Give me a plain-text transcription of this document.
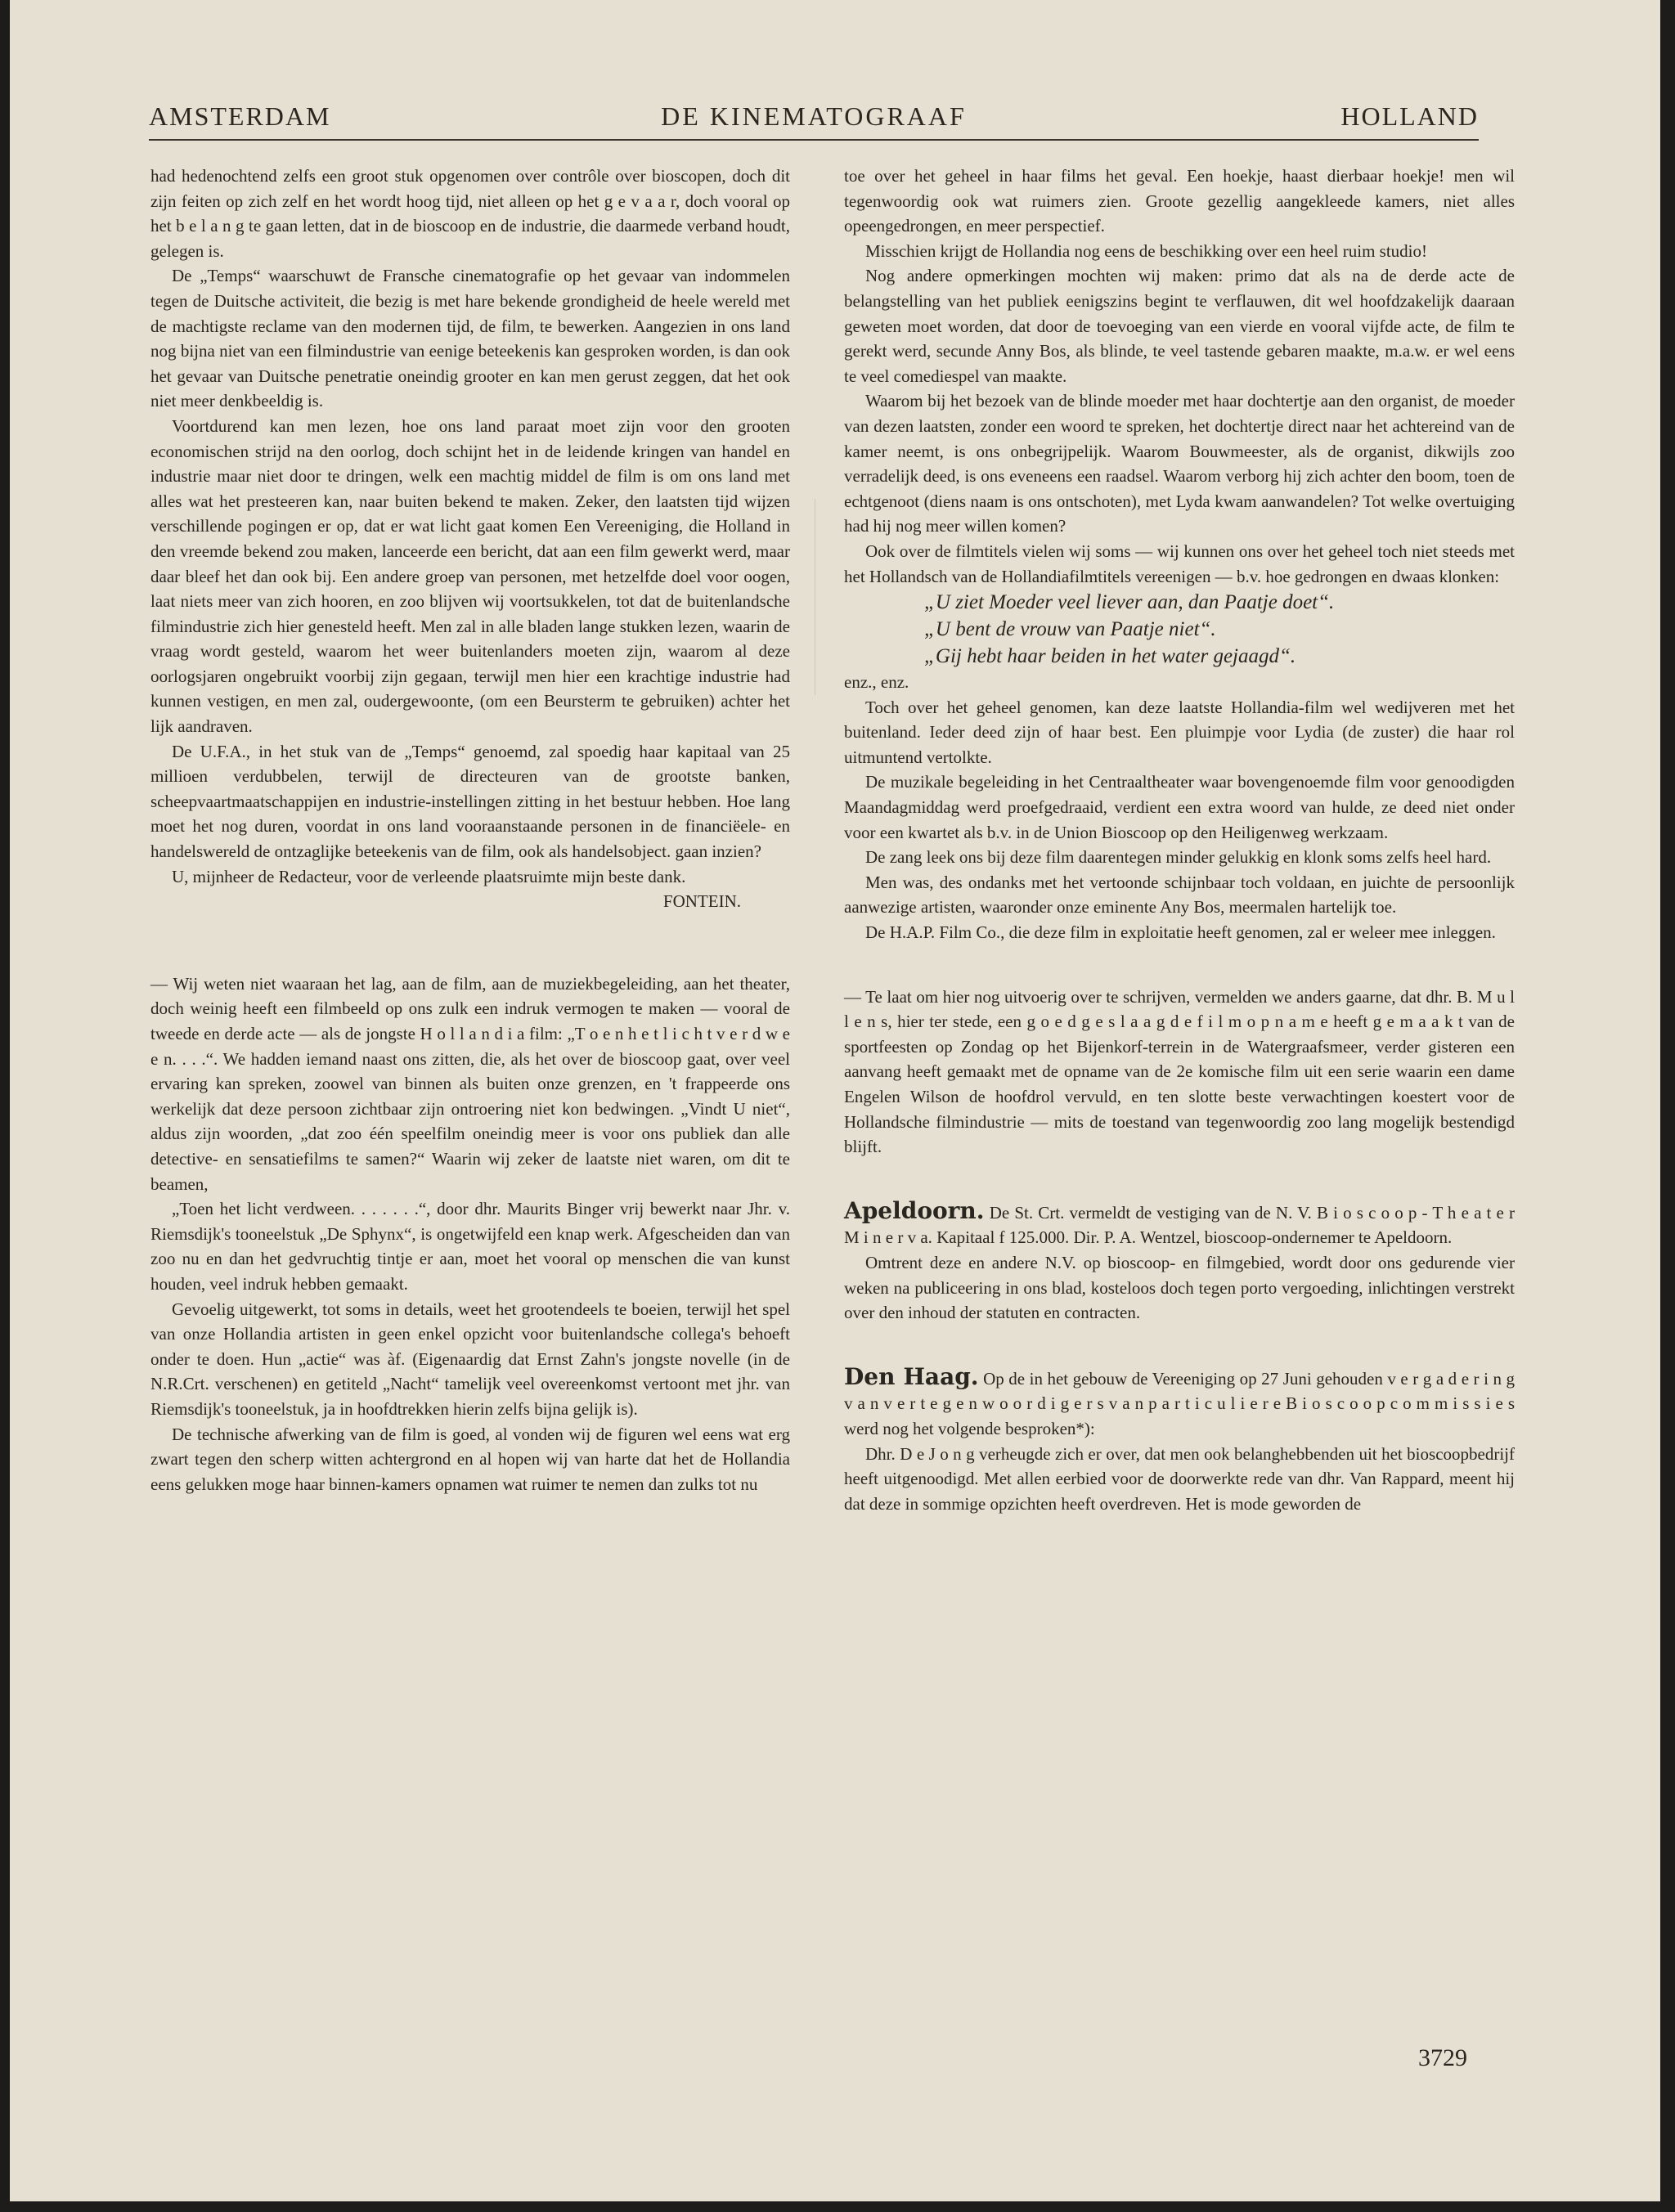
AMSTERDAM	DE KINEMATOGRAAF	HOLLAND

had hedenochtend zelfs een groot stuk opgenomen over contrôle over bioscopen, doch dit zijn feiten op zich zelf en het wordt hoog tijd, niet alleen op het g e v a a r, doch vooral op het b e l a n g te gaan letten, dat in de bioscoop en de industrie, die daarmede verband houdt, gelegen is.

De „Temps“ waarschuwt de Fransche cinematografie op het gevaar van indommelen tegen de Duitsche activiteit, die bezig is met hare bekende grondigheid de heele wereld met de machtigste reclame van den modernen tijd, de film, te bewerken. Aangezien in ons land nog bijna niet van een filmindustrie van eenige beteekenis kan gesproken worden, is dan ook het gevaar van Duitsche penetratie oneindig grooter en kan men gerust zeggen, dat het ook niet meer denkbeeldig is.

Voortdurend kan men lezen, hoe ons land paraat moet zijn voor den grooten economischen strijd na den oorlog, doch schijnt het in de leidende kringen van handel en industrie maar niet door te dringen, welk een machtig middel de film is om ons land met alles wat het presteeren kan, naar buiten bekend te maken. Zeker, den laatsten tijd wijzen verschillende pogingen er op, dat er wat licht gaat komen Een Vereeniging, die Holland in den vreemde bekend zou maken, lanceerde een bericht, dat aan een film gewerkt werd, maar daar bleef het dan ook bij. Een andere groep van personen, met hetzelfde doel voor oogen, laat niets meer van zich hooren, en zoo blijven wij voortsukkelen, tot dat de buitenlandsche filmindustrie zich hier genesteld heeft. Men zal in alle bladen lange stukken lezen, waarin de vraag wordt gesteld, waarom het weer buitenlanders moeten zijn, waarom al deze oorlogsjaren ongebruikt voorbij zijn gegaan, terwijl men hier een krachtige industrie had kunnen vestigen, en men zal, oudergewoonte, (om een Beursterm te gebruiken) achter het lijk aandraven.

De U.F.A., in het stuk van de „Temps“ genoemd, zal spoedig haar kapitaal van 25 millioen verdubbelen, terwijl de directeuren van de grootste banken, scheepvaartmaatschappijen en industrie-instellingen zitting in het bestuur hebben. Hoe lang moet het nog duren, voordat in ons land vooraanstaande personen in de financiëele- en handelswereld de ontzaglijke beteekenis van de film, ook als handelsobject. gaan inzien?

U, mijnheer de Redacteur, voor de verleende plaatsruimte mijn beste dank.

FONTEIN.

— Wij weten niet waaraan het lag, aan de film, aan de muziekbegeleiding, aan het theater, doch weinig heeft een filmbeeld op ons zulk een indruk vermogen te maken — vooral de tweede en derde acte — als de jongste H o l l a n d i a film: „T o e n h e t l i c h t v e r d w e e n. . . .“. We hadden iemand naast ons zitten, die, als het over de bioscoop gaat, over veel ervaring kan spreken, zoowel van binnen als buiten onze grenzen, en 't frappeerde ons werkelijk dat deze persoon zichtbaar zijn ontroering niet kon bedwingen. „Vindt U niet“, aldus zijn woorden, „dat zoo één speelfilm oneindig meer is voor ons publiek dan alle detective- en sensatiefilms te samen?“ Waarin wij zeker de laatste niet waren, om dit te beamen,

„Toen het licht verdween. . . . . . .“, door dhr. Maurits Binger vrij bewerkt naar Jhr. v. Riemsdijk's tooneelstuk „De Sphynx“, is ongetwijfeld een knap werk. Afgescheiden dan van zoo nu en dan het gedvruchtig tintje er aan, moet het vooral op menschen die van kunst houden, veel indruk hebben gemaakt.

Gevoelig uitgewerkt, tot soms in details, weet het grootendeels te boeien, terwijl het spel van onze Hollandia artisten in geen enkel opzicht voor buitenlandsche collega's behoeft onder te doen. Hun „actie“ was àf. (Eigenaardig dat Ernst Zahn's jongste novelle (in de N.R.Crt. verschenen) en getiteld „Nacht“ tamelijk veel overeenkomst vertoont met jhr. van Riemsdijk's tooneelstuk, ja in hoofdtrekken hierin zelfs bijna gelijk is).

De technische afwerking van de film is goed, al vonden wij de figuren wel eens wat erg zwart tegen den scherp witten achtergrond en al hopen wij van harte dat het de Hollandia eens gelukken moge haar binnen-kamers opnamen wat ruimer te nemen dan zulks tot nu

toe over het geheel in haar films het geval. Een hoekje, haast dierbaar hoekje! men wil tegenwoordig ook wat ruimers zien. Groote gezellig aangekleede kamers, niet alles opeengedrongen, en meer perspectief.

Misschien krijgt de Hollandia nog eens de beschikking over een heel ruim studio!

Nog andere opmerkingen mochten wij maken: primo dat als na de derde acte de belangstelling van het publiek eenigszins begint te verflauwen, dit wel hoofdzakelijk daaraan geweten moet worden, dat door de toevoeging van een vierde en vooral vijfde acte, de film te gerekt werd, secunde Anny Bos, als blinde, te veel tastende gebaren maakte, m.a.w. er wel eens te veel comediespel van maakte.

Waarom bij het bezoek van de blinde moeder met haar dochtertje aan den organist, de moeder van dezen laatsten, zonder een woord te spreken, het dochtertje direct naar het achtereind van de kamer neemt, is ons onbegrijpelijk. Waarom Bouwmeester, als de organist, dikwijls zoo verradelijk deed, is ons eveneens een raadsel. Waarom verborg hij zich achter den boom, toen de echtgenoot (diens naam is ons ontschoten), met Lyda kwam aanwandelen? Tot welke overtuiging had hij nog meer willen komen?

Ook over de filmtitels vielen wij soms — wij kunnen ons over het geheel toch niet steeds met het Hollandsch van de Hollandiafilmtitels vereenigen — b.v. hoe gedrongen en dwaas klonken:

„U ziet Moeder veel liever aan, dan Paatje doet“.
„U bent de vrouw van Paatje niet“.
„Gij hebt haar beiden in het water gejaagd“.

enz., enz.

Toch over het geheel genomen, kan deze laatste Hollandia-film wel wedijveren met het buitenland. Ieder deed zijn of haar best. Een pluimpje voor Lydia (de zuster) die haar rol uitmuntend vertolkte.

De muzikale begeleiding in het Centraaltheater waar bovengenoemde film voor genoodigden Maandagmiddag werd proefgedraaid, verdient een extra woord van hulde, ze deed niet onder voor een kwartet als b.v. in de Union Bioscoop op den Heiligenweg werkzaam.

De zang leek ons bij deze film daarentegen minder gelukkig en klonk soms zelfs heel hard.

Men was, des ondanks met het vertoonde schijnbaar toch voldaan, en juichte de persoonlijk aanwezige artisten, waaronder onze eminente Any Bos, meermalen hartelijk toe.

De H.A.P. Film Co., die deze film in exploitatie heeft genomen, zal er weleer mee inleggen.

— Te laat om hier nog uitvoerig over te schrijven, vermelden we anders gaarne, dat dhr. B. M u l l e n s, hier ter stede, een g o e d g e s l a a g d e f i l m o p n a m e heeft g e m a a k t van de sportfeesten op Zondag op het Bijenkorf-terrein in de Watergraafsmeer, verder gisteren een aanvang heeft gemaakt met de opname van de 2e komische film uit een serie waarin een dame Engelen Wilson de hoofdrol vervuld, en ten slotte beste verwachtingen koestert voor de Hollandsche filmindustrie — mits de toestand van tegenwoordig zoo lang mogelijk bestendigd blijft.

Apeldoorn. De St. Crt. vermeldt de vestiging van de N. V. B i o s c o o p - T h e a t e r M i n e r v a. Kapitaal f 125.000. Dir. P. A. Wentzel, bioscoop-ondernemer te Apeldoorn.

Omtrent deze en andere N.V. op bioscoop- en filmgebied, wordt door ons gedurende vier weken na publiceering in ons blad, kosteloos doch tegen porto vergoeding, inlichtingen verstrekt over den inhoud der statuten en contracten.

Den Haag. Op de in het gebouw de Vereeniging op 27 Juni gehouden v e r g a d e r i n g v a n v e r t e g e n w o o r d i g e r s v a n p a r t i c u l i e r e B i o s c o o p c o m m i s s i e s werd nog het volgende besproken*):

Dhr. D e J o n g verheugde zich er over, dat men ook belanghebbenden uit het bioscoopbedrijf heeft uitgenoodigd. Met allen eerbied voor de doorwerkte rede van dhr. Van Rappard, meent hij dat deze in sommige opzichten heeft overdreven. Het is mode geworden de

3729
